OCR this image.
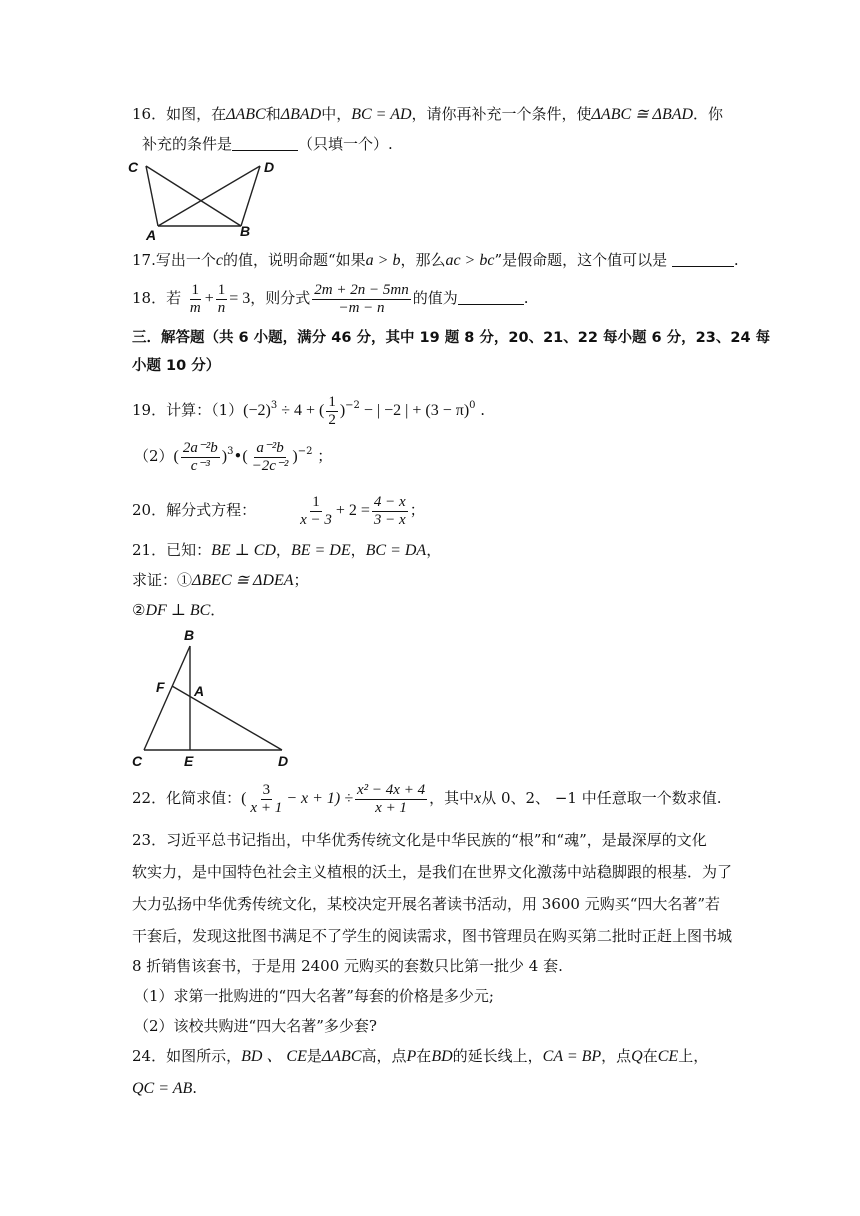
16．如图，在ΔABC和ΔBAD中，BC = AD，请你再补充一个条件，使ΔABC ≅ ΔBAD．你
补充的条件是	（只填一个）.
C	D
A	B
17.写出一个c的值，说明命题“如果a > b，那么ac > bc”是假命题，这个值可以是	.
18．若 $\frac{1}{m} + \frac{1}{n} = 3$，则分式 $\frac{2m + 2n - 5mn}{-m - n}$ 的值为	.
三．解答题（共 6 小题，满分 46 分，其中 19 题 8 分，20、21、22 每小题 6 分，23、24 每
小题 10 分）
19．计算：$(1)(-2)^3 \div 4$ + ( $\frac{1}{2} )^{-2}$ − | −2 | + $(3 - \pi)^0$ .
$(2)( \frac{\text{2a⁻²b}}{\text{c⁻³}}$ )$^3•( \frac{\text{a⁻²b}}{\text{−2c⁻²}} )^{-2}$ ；
20．解分式方程：	$\frac{1}{x - 3} + 2 = \frac{4 - x}{3 - x}$ ；
21．已知：BE ⊥ CD，BE = DE，BC = DA，
求证：①ΔBEC ≅ ΔDEA；
②DF ⊥ BC．
B
F A
C	E	D
22．化简求值：( $\frac{3}{x + 1} - x + 1) \div \frac{\text{x² − 4x + 4}}{x + 1}$ ，其中x从 0、2、 −1 中任意取一个数求值.
23．习近平总书记指出，中华优秀传统文化是中华民族的“根”和“魂”，是最深厚的文化
软实力，是中国特色社会主义植根的沃土，是我们在世界文化激荡中站稳脚跟的根基．为了
大力弘扬中华优秀传统文化，某校决定开展名著读书活动，用 3600 元购买“四大名著”若
干套后，发现这批图书满足不了学生的阅读需求，图书管理员在购买第二批时正赶上图书城
8 折销售该套书，于是用 2400 元购买的套数只比第一批少 4 套.
（1）求第一批购进的“四大名著”每套的价格是多少元;
（2）该校共购进“四大名著”多少套?
24．如图所示，BD 、 CE是ΔABC高，点P在BD的延长线上，CA = BP，点Q在CE上，
QC = AB.
